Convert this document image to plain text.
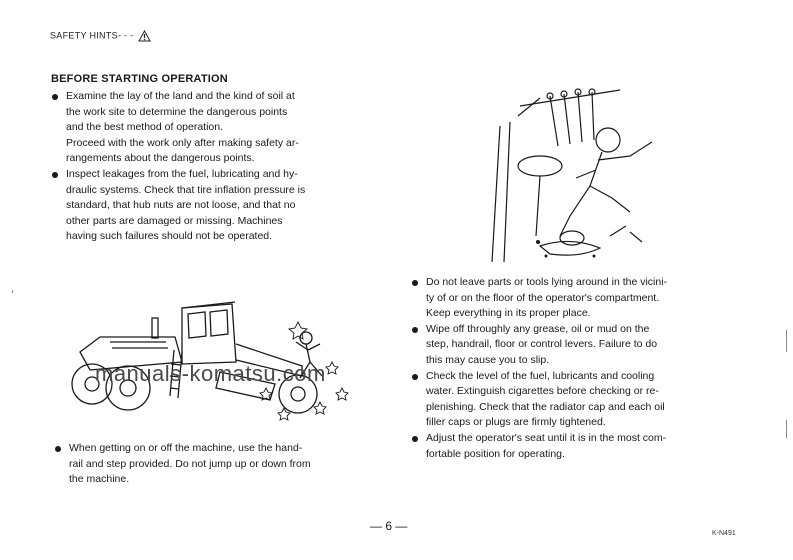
SAFETY HINTS- - -
BEFORE STARTING OPERATION

Examine the lay of the land and the kind of soil at

the work site to determine the dangerous points

and the best method of operation.

Proceed with the work only after making safety ar-

rangements about the dangerous points.

Inspect leakages from the fuel, lubricating and hy-

draulic systems. Check that tire inflation pressure is

standard, that hub nuts are not loose, and that no

other parts are damaged or missing. Machines

having such failures should not be operated.

manuals-komatsu.com

When getting on or off the machine, use the hand-

rail and step provided. Do not jump up or down from

the machine.

Do not leave parts or tools lying around in the vicini-

ty of or on the floor of the operator's compartment.

Keep everything in its proper place.

Wipe off throughly any grease, oil or mud on the

step, handrail, floor or control levers. Failure to do

this may cause you to slip.

Check the level of the fuel, lubricants and cooling

water. Extinguish cigarettes before checking or re-

plenishing. Check that the radiator cap and each oil

filler caps or plugs are firmly tightened.

Adjust the operator's seat until it is in the most com-

fortable position for operating.

— 6 —
K-N491
